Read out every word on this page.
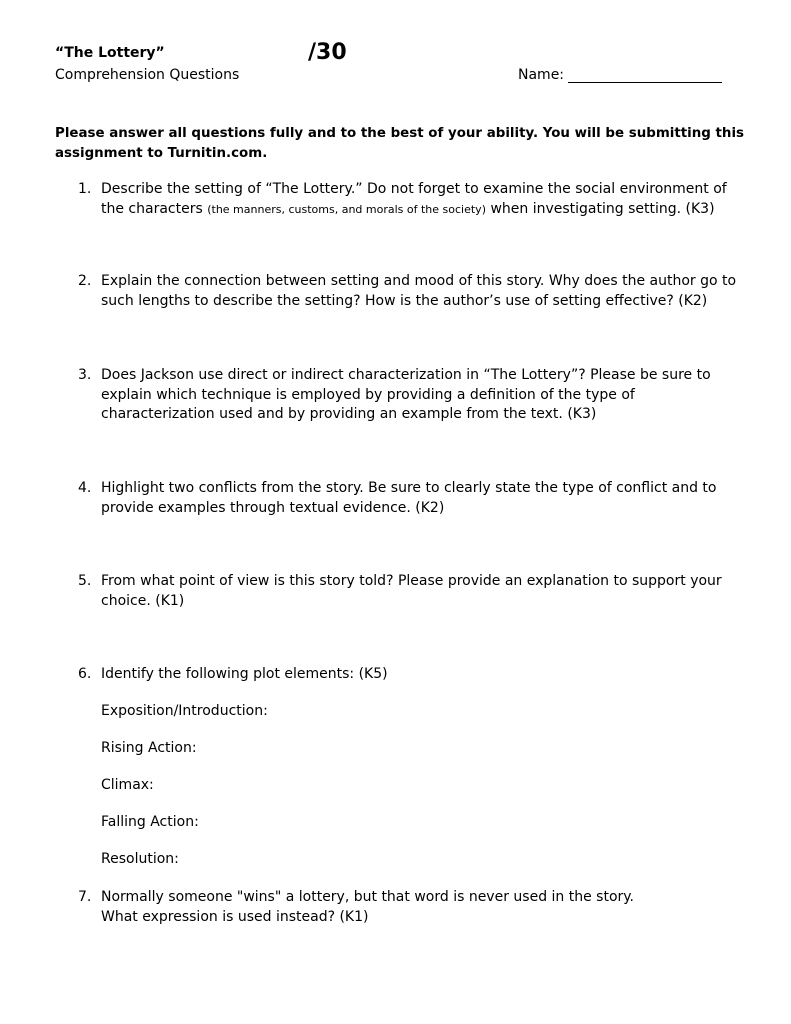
“The Lottery”	/30
Comprehension Questions	Name:
Please answer all questions fully and to the best of your ability. You will be submitting this assignment to Turnitin.com.
1. Describe the setting of “The Lottery.” Do not forget to examine the social environment of the characters (the manners, customs, and morals of the society) when investigating setting. (K3)
2. Explain the connection between setting and mood of this story. Why does the author go to such lengths to describe the setting? How is the author’s use of setting effective? (K2)
3. Does Jackson use direct or indirect characterization in “The Lottery”? Please be sure to explain which technique is employed by providing a definition of the type of characterization used and by providing an example from the text. (K3)
4. Highlight two conflicts from the story. Be sure to clearly state the type of conflict and to provide examples through textual evidence. (K2)
5. From what point of view is this story told? Please provide an explanation to support your choice. (K1)
6. Identify the following plot elements: (K5)
Exposition/Introduction:
Rising Action:
Climax:
Falling Action:
Resolution:
7. Normally someone "wins" a lottery, but that word is never used in the story.
What expression is used instead? (K1)
